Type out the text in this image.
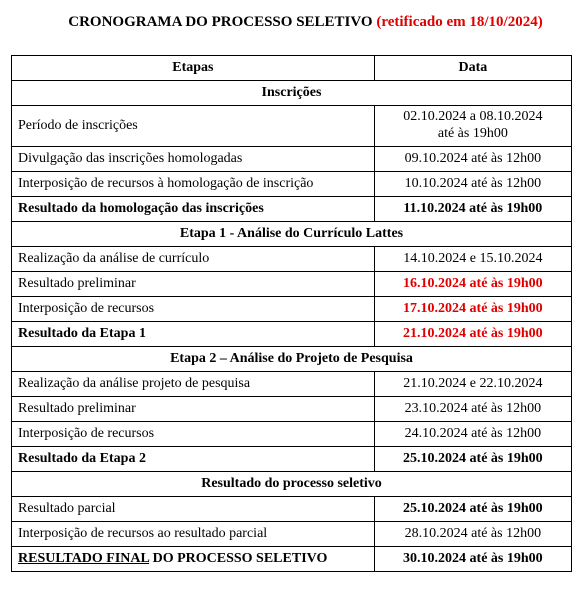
CRONOGRAMA DO PROCESSO SELETIVO (retificado em 18/10/2024)
Etapas	Data
Inscrições	
Período de inscrições	02.10.2024 a 08.10.2024
até às 19h00

Divulgação das inscrições homologadas	09.10.2024 até às 12h00

Interposição de recursos à homologação de inscrição	10.10.2024 até às 12h00

Resultado da homologação das inscrições	11.10.2024 até às 19h00

Etapa 1 - Análise do Currículo Lattes	
Realização da análise de currículo	14.10.2024 e 15.10.2024

Resultado preliminar	16.10.2024 até às 19h00

Interposição de recursos	17.10.2024 até às 19h00

Resultado da Etapa 1	21.10.2024 até às 19h00

Etapa 2 – Análise do Projeto de Pesquisa	
Realização da análise projeto de pesquisa	21.10.2024 e 22.10.2024

Resultado preliminar	23.10.2024 até às 12h00

Interposição de recursos	24.10.2024 até às 12h00

Resultado da Etapa 2	25.10.2024 até às 19h00

Resultado do processo seletivo	
Resultado parcial	25.10.2024 até às 19h00

Interposição de recursos ao resultado parcial	28.10.2024 até às 12h00

RESULTADO FINAL DO PROCESSO SELETIVO	30.10.2024 até às 19h00
